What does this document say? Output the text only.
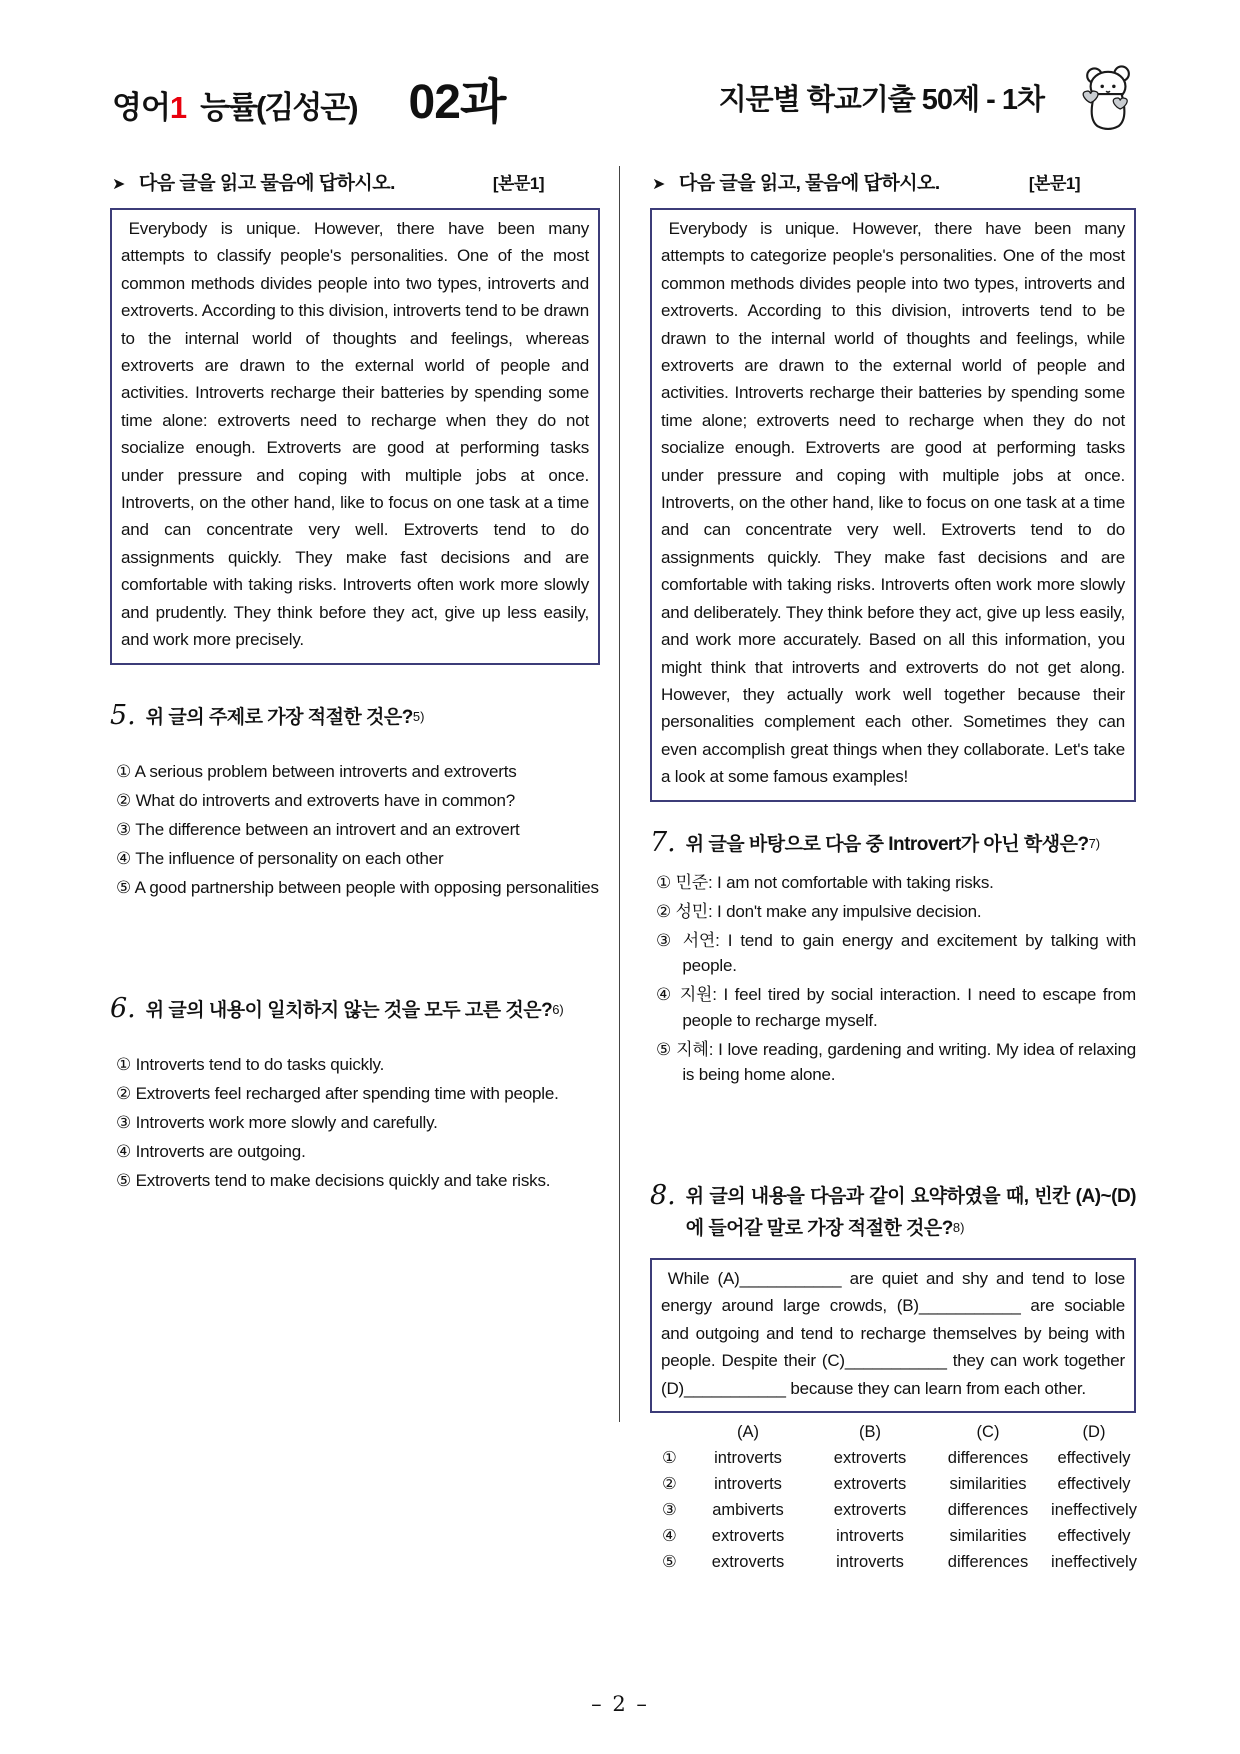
영어1 능률(김성곤) 02과	지문별 학교기출 50제 - 1차
➤ 다음 글을 읽고 물음에 답하시오.	[본문1]
Everybody is unique. However, there have been many attempts to classify people's personalities. One of the most common methods divides people into two types, introverts and extroverts. According to this division, introverts tend to be drawn to the internal world of thoughts and feelings, whereas extroverts are drawn to the external world of people and activities. Introverts recharge their batteries by spending some time alone: extroverts need to recharge when they do not socialize enough. Extroverts are good at performing tasks under pressure and coping with multiple jobs at once. Introverts, on the other hand, like to focus on one task at a time and can concentrate very well. Extroverts tend to do assignments quickly. They make fast decisions and are comfortable with taking risks. Introverts often work more slowly and prudently. They think before they act, give up less easily, and work more precisely.
5. 위 글의 주제로 가장 적절한 것은?5)
① A serious problem between introverts and extroverts
② What do introverts and extroverts have in common?
③ The difference between an introvert and an extrovert
④ The influence of personality on each other
⑤ A good partnership between people with opposing personalities
6. 위 글의 내용이 일치하지 않는 것을 모두 고른 것은?6)
① Introverts tend to do tasks quickly.
② Extroverts feel recharged after spending time with people.
③ Introverts work more slowly and carefully.
④ Introverts are outgoing.
⑤ Extroverts tend to make decisions quickly and take risks.
➤ 다음 글을 읽고, 물음에 답하시오.	[본문1]
Everybody is unique. However, there have been many attempts to categorize people's personalities. One of the most common methods divides people into two types, introverts and extroverts. According to this division, introverts tend to be drawn to the internal world of thoughts and feelings, while extroverts are drawn to the external world of people and activities. Introverts recharge their batteries by spending some time alone; extroverts need to recharge when they do not socialize enough. Extroverts are good at performing tasks under pressure and coping with multiple jobs at once. Introverts, on the other hand, like to focus on one task at a time and can concentrate very well. Extroverts tend to do assignments quickly. They make fast decisions and are comfortable with taking risks. Introverts often work more slowly and deliberately. They think before they act, give up less easily, and work more accurately. Based on all this information, you might think that introverts and extroverts do not get along. However, they actually work well together because their personalities complement each other. Sometimes they can even accomplish great things when they collaborate. Let's take a look at some famous examples!
7. 위 글을 바탕으로 다음 중 Introvert가 아닌 학생은?7)
① 민준: I am not comfortable with taking risks.
② 성민: I don't make any impulsive decision.
③ 서연: I tend to gain energy and excitement by talking with people.
④ 지원: I feel tired by social interaction. I need to escape from people to recharge myself.
⑤ 지혜: I love reading, gardening and writing. My idea of relaxing is being home alone.
8. 위 글의 내용을 다음과 같이 요약하였을 때, 빈칸 (A)~(D)에 들어갈 말로 가장 적절한 것은?8)
While (A)___________ are quiet and shy and tend to lose energy around large crowds, (B)___________ are sociable and outgoing and tend to recharge themselves by being with people. Despite their (C)___________ they can work together (D)___________ because they can learn from each other.
(A)	(B)	(C)	(D)
①	introverts	extroverts	differences	effectively
②	introverts	extroverts	similarities	effectively
③	ambiverts	extroverts	differences	ineffectively
④	extroverts	introverts	similarities	effectively
⑤	extroverts	introverts	differences	ineffectively
– 2 –
